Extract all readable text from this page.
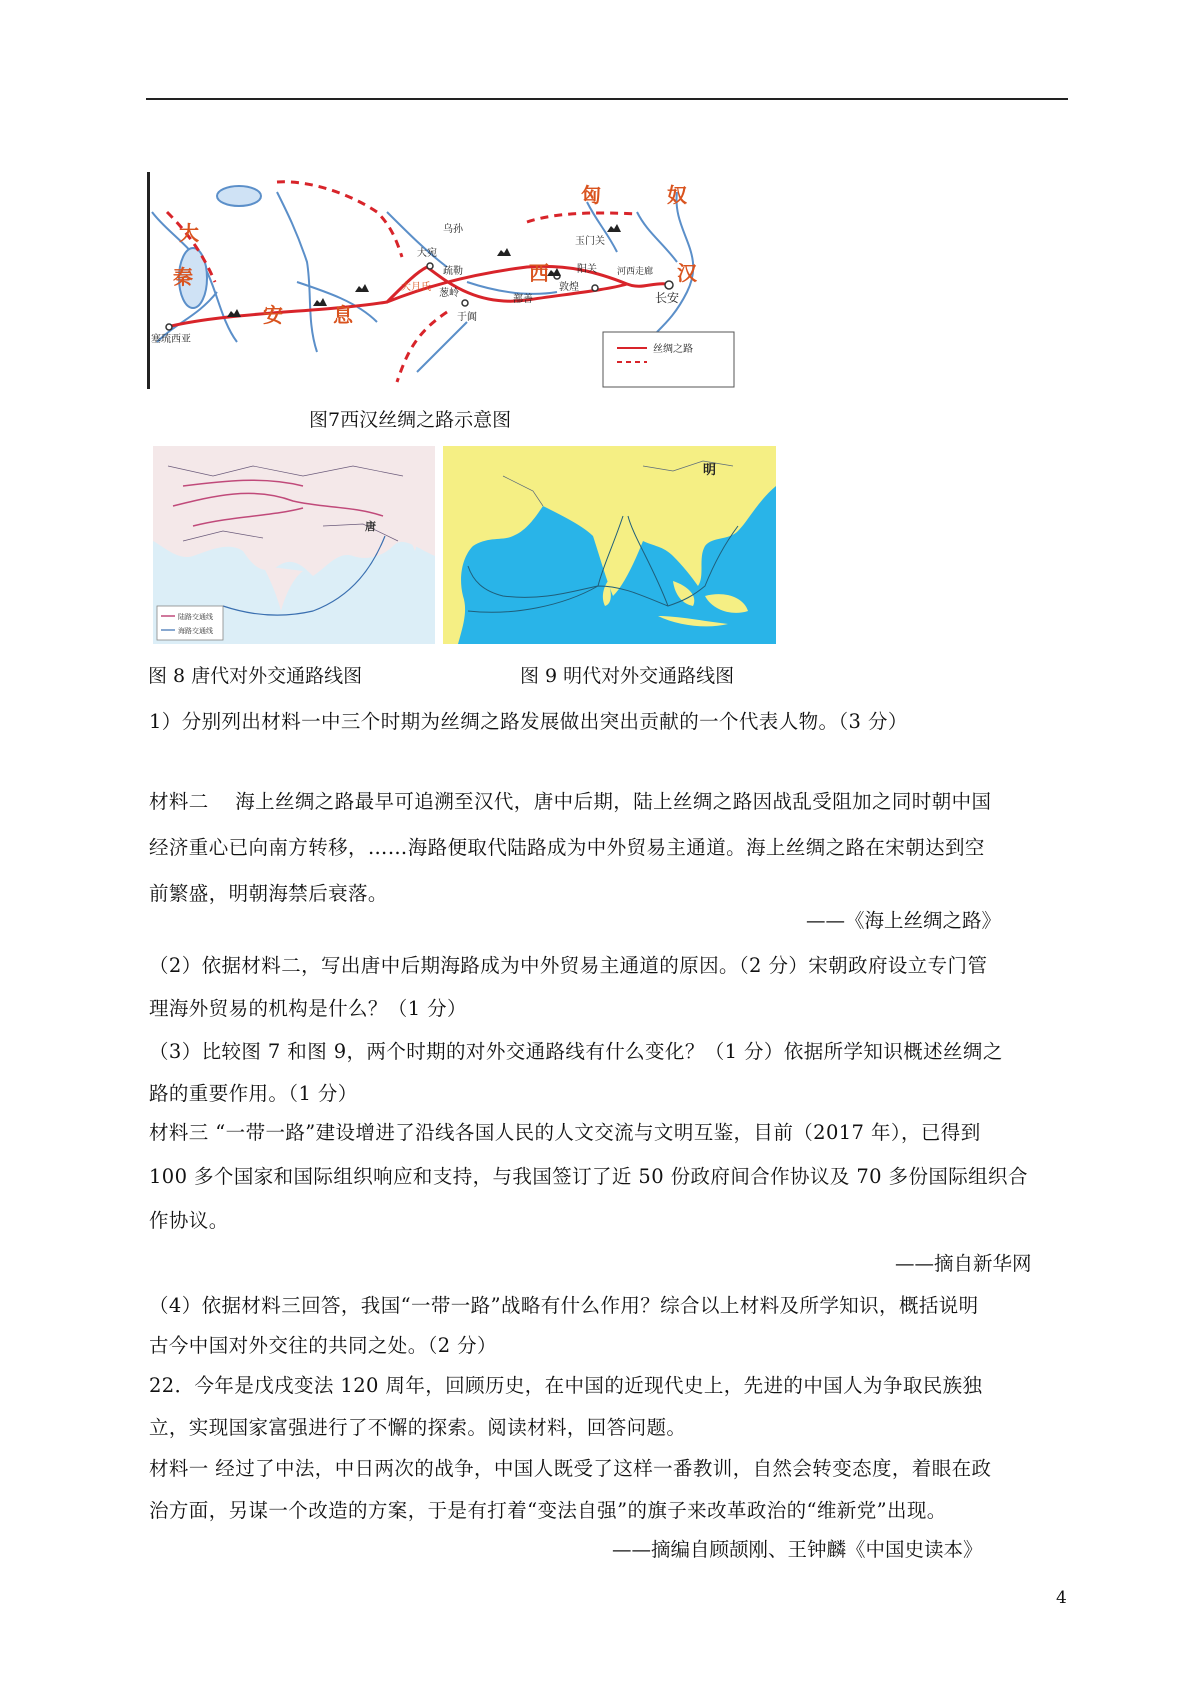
匈	奴
大
秦
安	息
西	汉
乌孙
大宛
疏勒
葱岭
大月氏
于阗
鄯善
玉门关
阳关
敦煌
河西走廊
长安
塞琉西亚
丝绸之路
图7西汉丝绸之路示意图
唐
陆路交通线
海路交通线
图 8 唐代对外交通路线图
明
图 9 明代对外交通路线图
1）分别列出材料一中三个时期为丝绸之路发展做出突出贡献的一个代表人物。（3 分）
材料二　 海上丝绸之路最早可追溯至汉代，唐中后期，陆上丝绸之路因战乱受阻加之同时朝中国
经济重心已向南方转移，……海路便取代陆路成为中外贸易主通道。海上丝绸之路在宋朝达到空
前繁盛，明朝海禁后衰落。
——《海上丝绸之路》
（2）依据材料二，写出唐中后期海路成为中外贸易主通道的原因。（2 分）宋朝政府设立专门管
理海外贸易的机构是什么？（1 分）
（3）比较图 7 和图 9，两个时期的对外交通路线有什么变化？（1 分）依据所学知识概述丝绸之
路的重要作用。（1 分）
材料三 “一带一路”建设增进了沿线各国人民的人文交流与文明互鉴，目前（2017 年），已得到
100 多个国家和国际组织响应和支持，与我国签订了近 50 份政府间合作协议及 70 多份国际组织合
作协议。
——摘自新华网
（4）依据材料三回答，我国“一带一路”战略有什么作用？综合以上材料及所学知识，概括说明
古今中国对外交往的共同之处。（2 分）
22．今年是戊戌变法 120 周年，回顾历史，在中国的近现代史上，先进的中国人为争取民族独
立，实现国家富强进行了不懈的探索。阅读材料，回答问题。
材料一 经过了中法，中日两次的战争，中国人既受了这样一番教训，自然会转变态度，着眼在政
治方面，另谋一个改造的方案，于是有打着“变法自强”的旗子来改革政治的“维新党”出现。
——摘编自顾颉刚、王钟麟《中国史读本》
4
